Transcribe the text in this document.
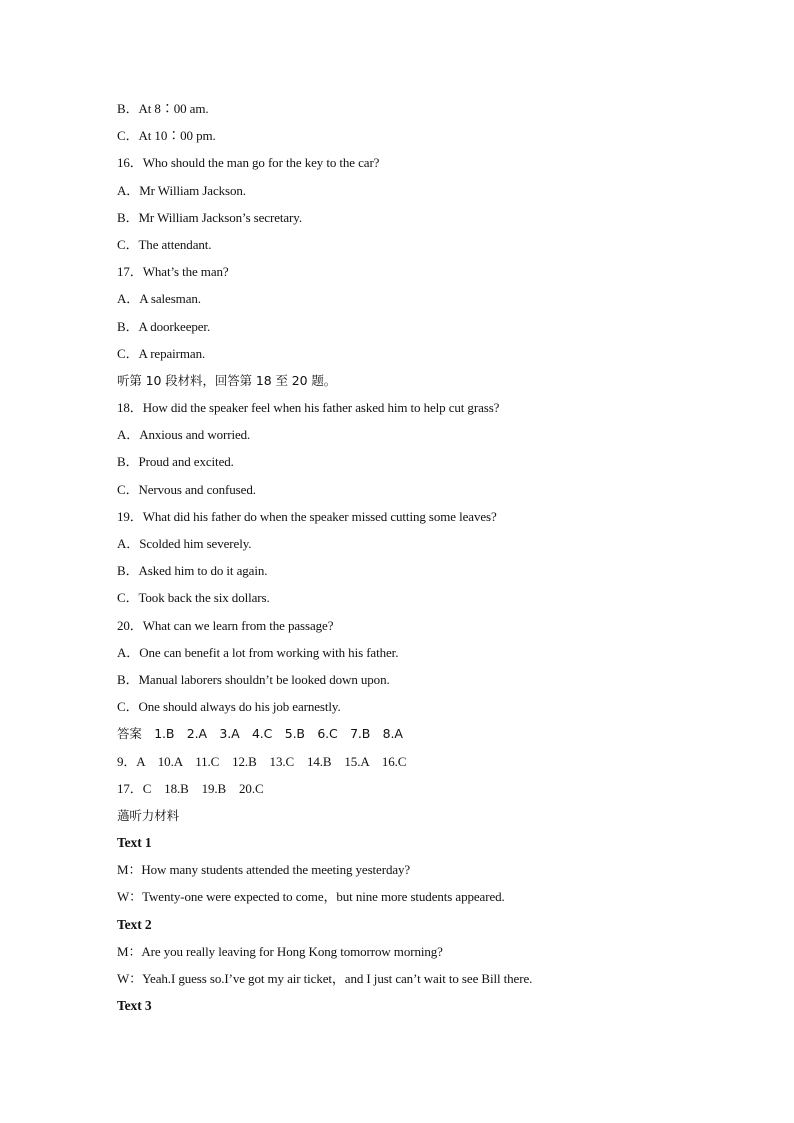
B．At 8∶00 am.
C．At 10∶00 pm.
16．Who should the man go for the key to the car?
A．Mr William Jackson.
B．Mr William Jackson’s secretary.
C．The attendant.
17．What’s the man?
A．A salesman.
B．A doorkeeper.
C．A repairman.
听第 10 段材料，回答第 18 至 20 题。
18．How did the speaker feel when his father asked him to help cut grass?
A．Anxious and worried.
B．Proud and excited.
C．Nervous and confused.
19．What did his father do when the speaker missed cutting some leaves?
A．Scolded him severely.
B．Asked him to do it again.
C．Took back the six dollars.
20．What can we learn from the passage?
A．One can benefit a lot from working with his father.
B．Manual laborers shouldn’t be looked down upon.
C．One should always do his job earnestly.
答案　1.B　2.A　3.A　4.C　5.B　6.C　7.B　8.A
9．A　10.A　11.C　12.B　13.C　14.B　15.A　16.C
17．C　18.B　19.B　20.C
薖听力材料
Text 1
M：How many students attended the meeting yesterday?
W：Twenty-one were expected to come，but nine more students appeared.
Text 2
M：Are you really leaving for Hong Kong tomorrow morning?
W：Yeah.I guess so.I’ve got my air ticket，and I just can’t wait to see Bill there.
Text 3
